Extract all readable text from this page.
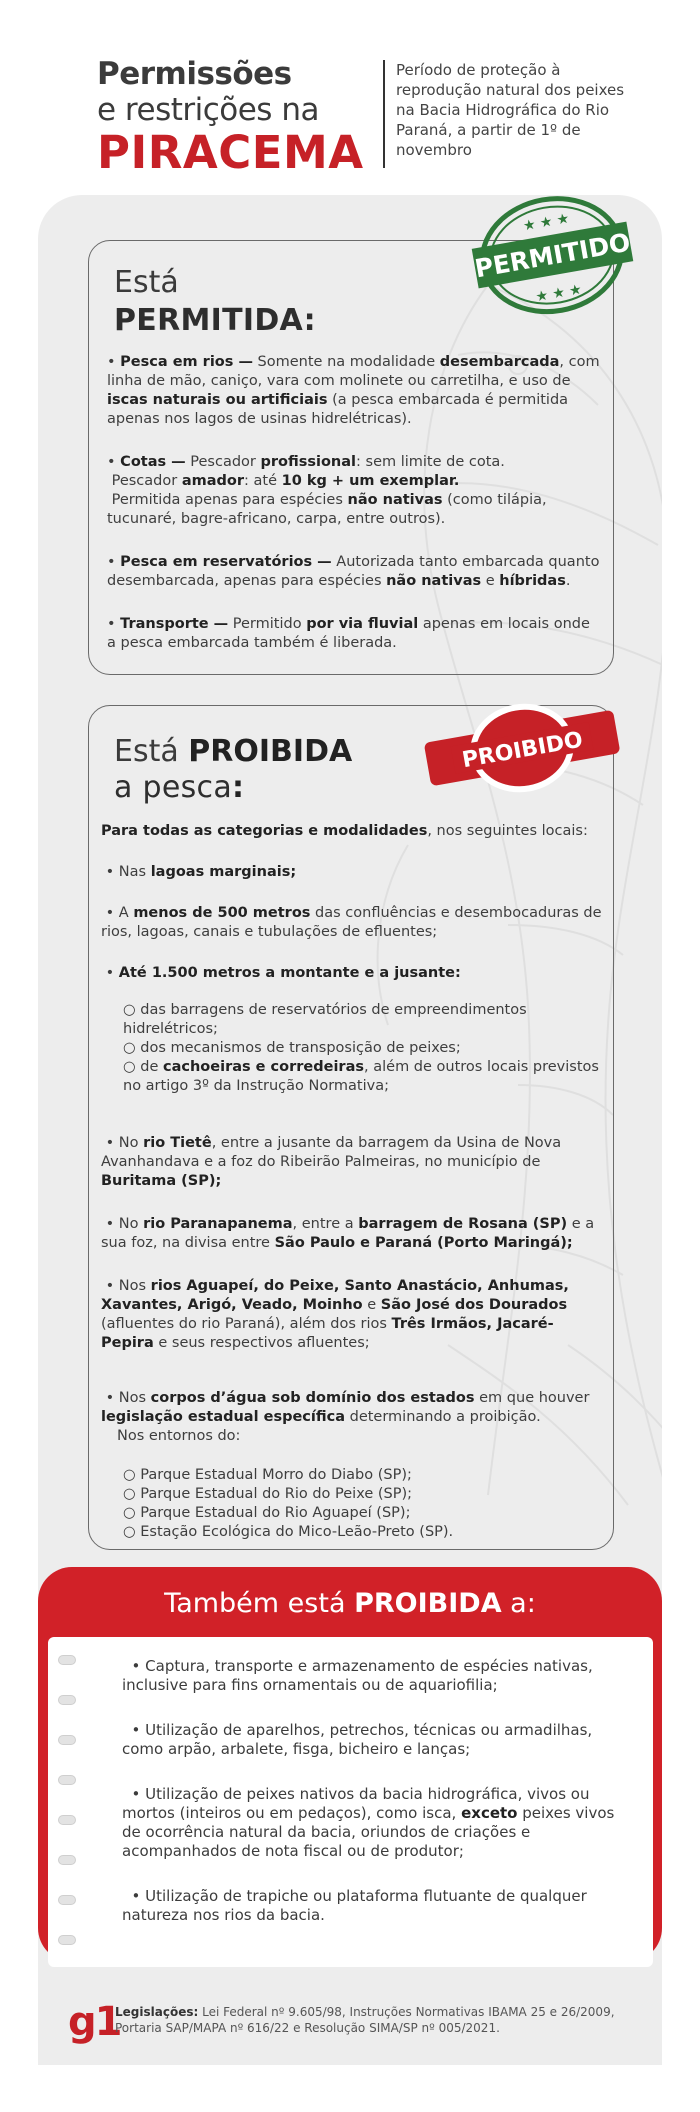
Permissões
e restrições na
PIRACEMA
Período de proteção à reprodução natural dos peixes na Bacia Hidrográfica do Rio Paraná, a partir de 1º de novembro
Está
PERMITIDA:

• Pesca em rios — Somente na modalidade desembarcada, com linha de mão, caniço, vara com molinete ou carretilha, e uso de iscas naturais ou artificiais (a pesca embarcada é permitida apenas nos lagos de usinas hidrelétricas).

• Cotas — Pescador profissional: sem limite de cota.
Pescador amador: até 10 kg + um exemplar.
Permitida apenas para espécies não nativas (como tilápia, tucunaré, bagre-africano, carpa, entre outros).

• Pesca em reservatórios — Autorizada tanto embarcada quanto desembarcada, apenas para espécies não nativas e híbridas.

• Transporte — Permitido por via fluvial apenas em locais onde a pesca embarcada também é liberada.

Está PROIBIDA
a pesca:

Para todas as categorias e modalidades, nos seguintes locais:

• Nas lagoas marginais;

• A menos de 500 metros das confluências e desembocaduras de rios, lagoas, canais e tubulações de efluentes;

• Até 1.500 metros a montante e a jusante:

○ das barragens de reservatórios de empreendimentos hidrelétricos;

○ dos mecanismos de transposição de peixes;

○ de cachoeiras e corredeiras, além de outros locais previstos no artigo 3º da Instrução Normativa;

• No rio Tietê, entre a jusante da barragem da Usina de Nova Avanhandava e a foz do Ribeirão Palmeiras, no município de Buritama (SP);

• No rio Paranapanema, entre a barragem de Rosana (SP) e a sua foz, na divisa entre São Paulo e Paraná (Porto Maringá);

• Nos rios Aguapeí, do Peixe, Santo Anastácio, Anhumas, Xavantes, Arigó, Veado, Moinho e São José dos Dourados (afluentes do rio Paraná), além dos rios Três Irmãos, Jacaré-Pepira e seus respectivos afluentes;

• Nos corpos d’água sob domínio dos estados em que houver legislação estadual específica determinando a proibição.

Nos entornos do:

○ Parque Estadual Morro do Diabo (SP);

○ Parque Estadual do Rio do Peixe (SP);

○ Parque Estadual do Rio Aguapeí (SP);

○ Estação Ecológica do Mico-Leão-Preto (SP).

PERMITIDO
★ ★ ★
★ ★ ★
PROIBIDO
Também está PROIBIDA a:

• Captura, transporte e armazenamento de espécies nativas, inclusive para fins ornamentais ou de aquariofilia;

• Utilização de aparelhos, petrechos, técnicas ou armadilhas, como arpão, arbalete, fisga, bicheiro e lanças;

• Utilização de peixes nativos da bacia hidrográfica, vivos ou mortos (inteiros ou em pedaços), como isca, exceto peixes vivos de ocorrência natural da bacia, oriundos de criações e acompanhados de nota fiscal ou de produtor;

• Utilização de trapiche ou plataforma flutuante de qualquer natureza nos rios da bacia.

g1
Legislações: Lei Federal nº 9.605/98, Instruções Normativas IBAMA 25 e 26/2009, Portaria SAP/MAPA nº 616/22 e Resolução SIMA/SP nº 005/2021.
